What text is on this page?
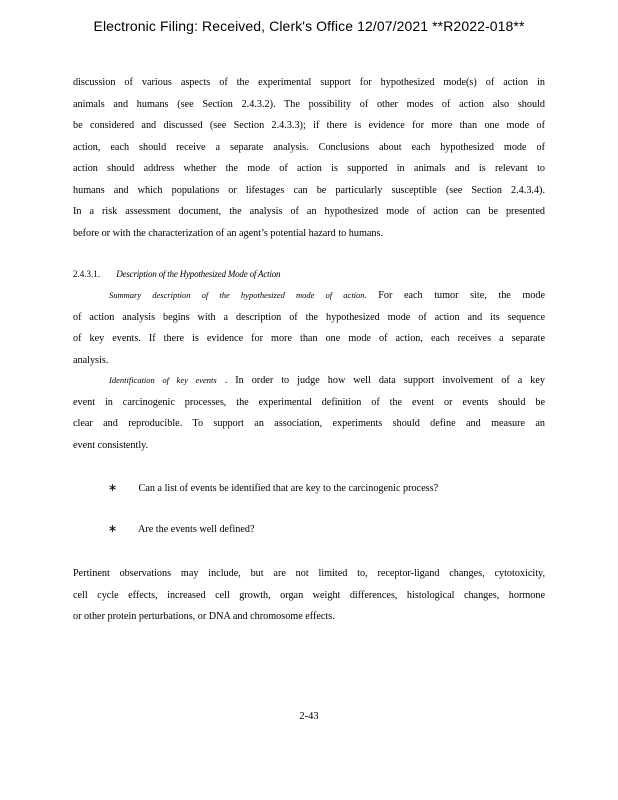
Electronic Filing: Received, Clerk's Office 12/07/2021 **R2022-018**
discussion of various aspects of the experimental support for hypothesized mode(s) of action in
animals and humans (see Section 2.4.3.2). The possibility of other modes of action also should
be considered and discussed (see Section 2.4.3.3); if there is evidence for more than one mode of
action, each should receive a separate analysis. Conclusions about each hypothesized mode of
action should address whether the mode of action is supported in animals and is relevant to
humans and which populations or lifestages can be particularly susceptible (see Section 2.4.3.4).
In a risk assessment document, the analysis of an hypothesized mode of action can be presented
before or with the characterization of an agent’s potential hazard to humans.
2.4.3.1. Description of the Hypothesized Mode of Action
Summary description of the hypothesized mode of action. For each tumor site, the mode
of action analysis begins with a description of the hypothesized mode of action and its sequence
of key events. If there is evidence for more than one mode of action, each receives a separate
analysis.
Identification of key events . In order to judge how well data support involvement of a key
event in carcinogenic processes, the experimental definition of the event or events should be
clear and reproducible. To support an association, experiments should define and measure an
event consistently.
∗ Can a list of events be identified that are key to the carcinogenic process?
∗ Are the events well defined?
Pertinent observations may include, but are not limited to, receptor-ligand changes, cytotoxicity,
cell cycle effects, increased cell growth, organ weight differences, histological changes, hormone
or other protein perturbations, or DNA and chromosome effects.
2-43
